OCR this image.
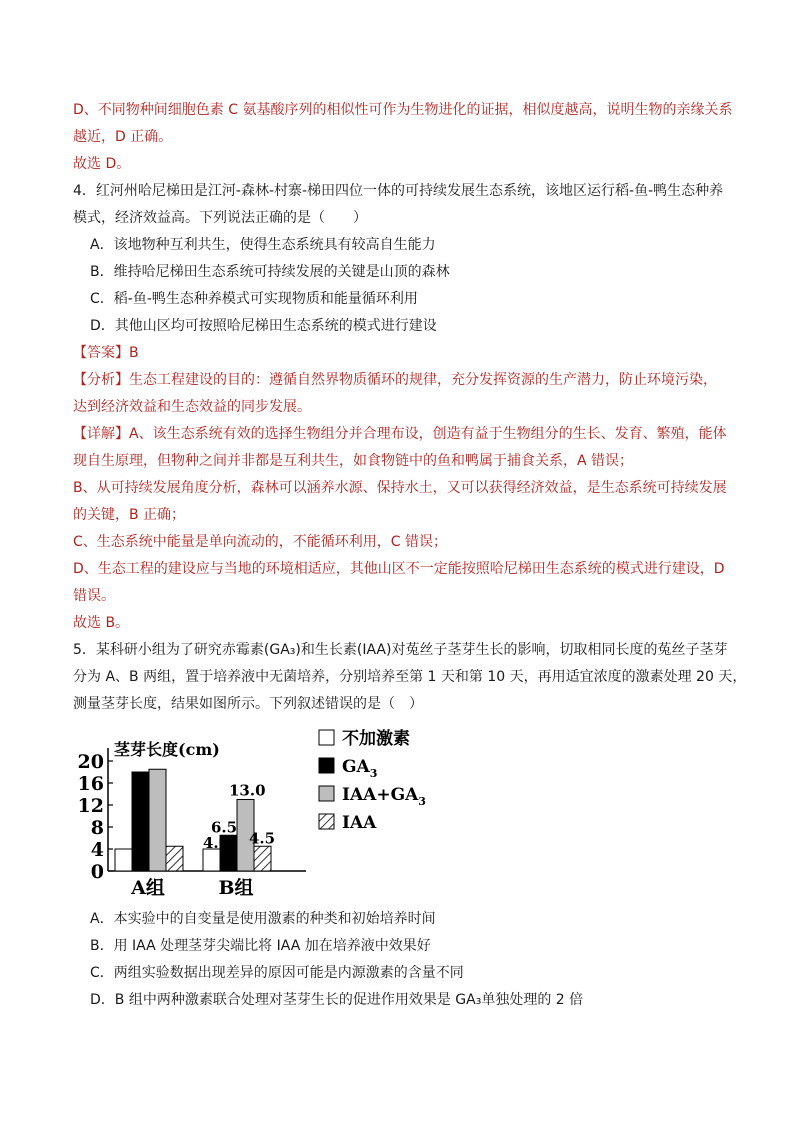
D、不同物种间细胞色素 C 氨基酸序列的相似性可作为生物进化的证据，相似度越高，说明生物的亲缘关系
越近，D 正确。
故选 D。
4．红河州哈尼梯田是江河-森林-村寨-梯田四位一体的可持续发展生态系统，该地区运行稻-鱼-鸭生态种养
模式，经济效益高。下列说法正确的是（　　）
A．该地物种互利共生，使得生态系统具有较高自生能力
B．维持哈尼梯田生态系统可持续发展的关键是山顶的森林
C．稻-鱼-鸭生态种养模式可实现物质和能量循环利用
D．其他山区均可按照哈尼梯田生态系统的模式进行建设
【答案】B
【分析】生态工程建设的目的：遵循自然界物质循环的规律，充分发挥资源的生产潜力，防止环境污染，
达到经济效益和生态效益的同步发展。
【详解】A、该生态系统有效的选择生物组分并合理布设，创造有益于生物组分的生长、发育、繁殖，能体
现自生原理，但物种之间并非都是互利共生，如食物链中的鱼和鸭属于捕食关系，A 错误；
B、从可持续发展角度分析，森林可以涵养水源、保持水土，又可以获得经济效益，是生态系统可持续发展
的关键，B 正确；
C、生态系统中能量是单向流动的，不能循环利用，C 错误；
D、生态工程的建设应与当地的环境相适应，其他山区不一定能按照哈尼梯田生态系统的模式进行建设，D
错误。
故选 B。
5．某科研小组为了研究赤霉素(GA₃)和生长素(IAA)对菟丝子茎芽生长的影响，切取相同长度的菟丝子茎芽
分为 A、B 两组，置于培养液中无菌培养，分别培养至第 1 天和第 10 天，再用适宜浓度的激素处理 20 天，
测量茎芽长度，结果如图所示。下列叙述错误的是（　）
茎芽长度(cm)
0
4
8
12
16
20
4.0
6.5
13.0
4.5
A组	B组
不加激素
$GA_3$
$IAA+GA_3$
IAA
A．本实验中的自变量是使用激素的种类和初始培养时间
B．用 IAA 处理茎芽尖端比将 IAA 加在培养液中效果好
C．两组实验数据出现差异的原因可能是内源激素的含量不同
D．B 组中两种激素联合处理对茎芽生长的促进作用效果是 GA₃单独处理的 2 倍
